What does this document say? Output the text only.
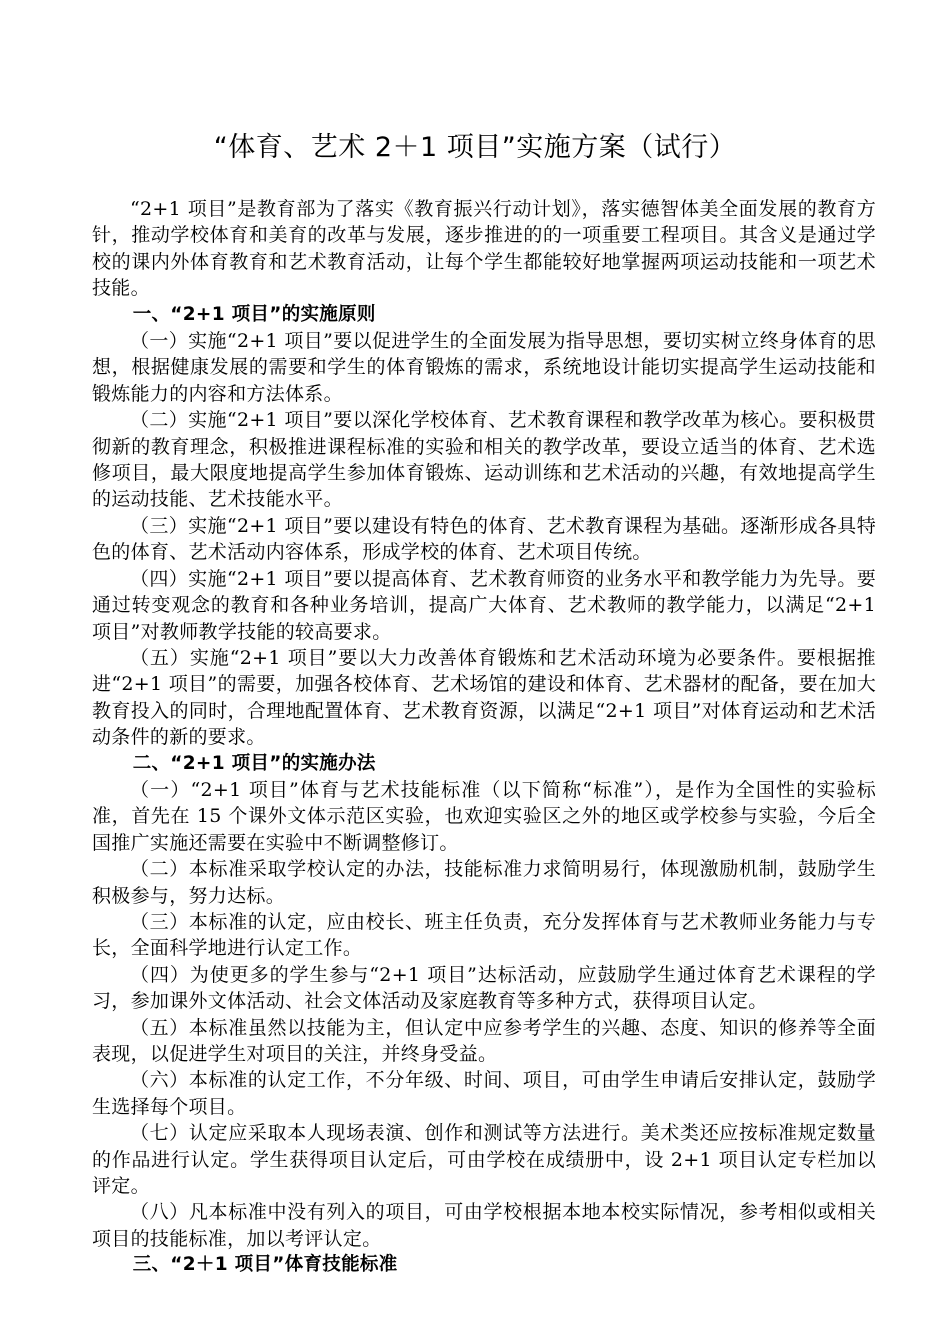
“体育、艺术 2＋1 项目”实施方案（试行）

“2+1 项目”是教育部为了落实《教育振兴行动计划》，落实德智体美全面发展的教育方针，推动学校体育和美育的改革与发展，逐步推进的的一项重要工程项目。其含义是通过学校的课内外体育教育和艺术教育活动，让每个学生都能较好地掌握两项运动技能和一项艺术技能。

一、“2+1 项目”的实施原则

（一）实施“2+1 项目”要以促进学生的全面发展为指导思想，要切实树立终身体育的思想，根据健康发展的需要和学生的体育锻炼的需求，系统地设计能切实提高学生运动技能和锻炼能力的内容和方法体系。

（二）实施“2+1 项目”要以深化学校体育、艺术教育课程和教学改革为核心。要积极贯彻新的教育理念，积极推进课程标准的实验和相关的教学改革，要设立适当的体育、艺术选修项目，最大限度地提高学生参加体育锻炼、运动训练和艺术活动的兴趣，有效地提高学生的运动技能、艺术技能水平。

（三）实施“2+1 项目”要以建设有特色的体育、艺术教育课程为基础。逐渐形成各具特色的体育、艺术活动内容体系，形成学校的体育、艺术项目传统。

（四）实施“2+1 项目”要以提高体育、艺术教育师资的业务水平和教学能力为先导。要通过转变观念的教育和各种业务培训，提高广大体育、艺术教师的教学能力，以满足“2+1 项目”对教师教学技能的较高要求。

（五）实施“2+1 项目”要以大力改善体育锻炼和艺术活动环境为必要条件。要根据推进“2+1 项目”的需要，加强各校体育、艺术场馆的建设和体育、艺术器材的配备，要在加大教育投入的同时，合理地配置体育、艺术教育资源，以满足“2+1 项目”对体育运动和艺术活动条件的新的要求。

二、“2+1 项目”的实施办法

（一）“2+1 项目”体育与艺术技能标准（以下简称“标准”），是作为全国性的实验标准，首先在 15 个课外文体示范区实验，也欢迎实验区之外的地区或学校参与实验，今后全国推广实施还需要在实验中不断调整修订。

（二）本标准采取学校认定的办法，技能标准力求简明易行，体现激励机制，鼓励学生积极参与，努力达标。

（三）本标准的认定，应由校长、班主任负责，充分发挥体育与艺术教师业务能力与专长，全面科学地进行认定工作。

（四）为使更多的学生参与“2+1 项目”达标活动，应鼓励学生通过体育艺术课程的学习，参加课外文体活动、社会文体活动及家庭教育等多种方式，获得项目认定。

（五）本标准虽然以技能为主，但认定中应参考学生的兴趣、态度、知识的修养等全面表现，以促进学生对项目的关注，并终身受益。

（六）本标准的认定工作，不分年级、时间、项目，可由学生申请后安排认定，鼓励学生选择每个项目。

（七）认定应采取本人现场表演、创作和测试等方法进行。美术类还应按标准规定数量的作品进行认定。学生获得项目认定后，可由学校在成绩册中，设 2+1 项目认定专栏加以评定。

（八）凡本标准中没有列入的项目，可由学校根据本地本校实际情况，参考相似或相关项目的技能标准，加以考评认定。

三、“2＋1 项目”体育技能标准
